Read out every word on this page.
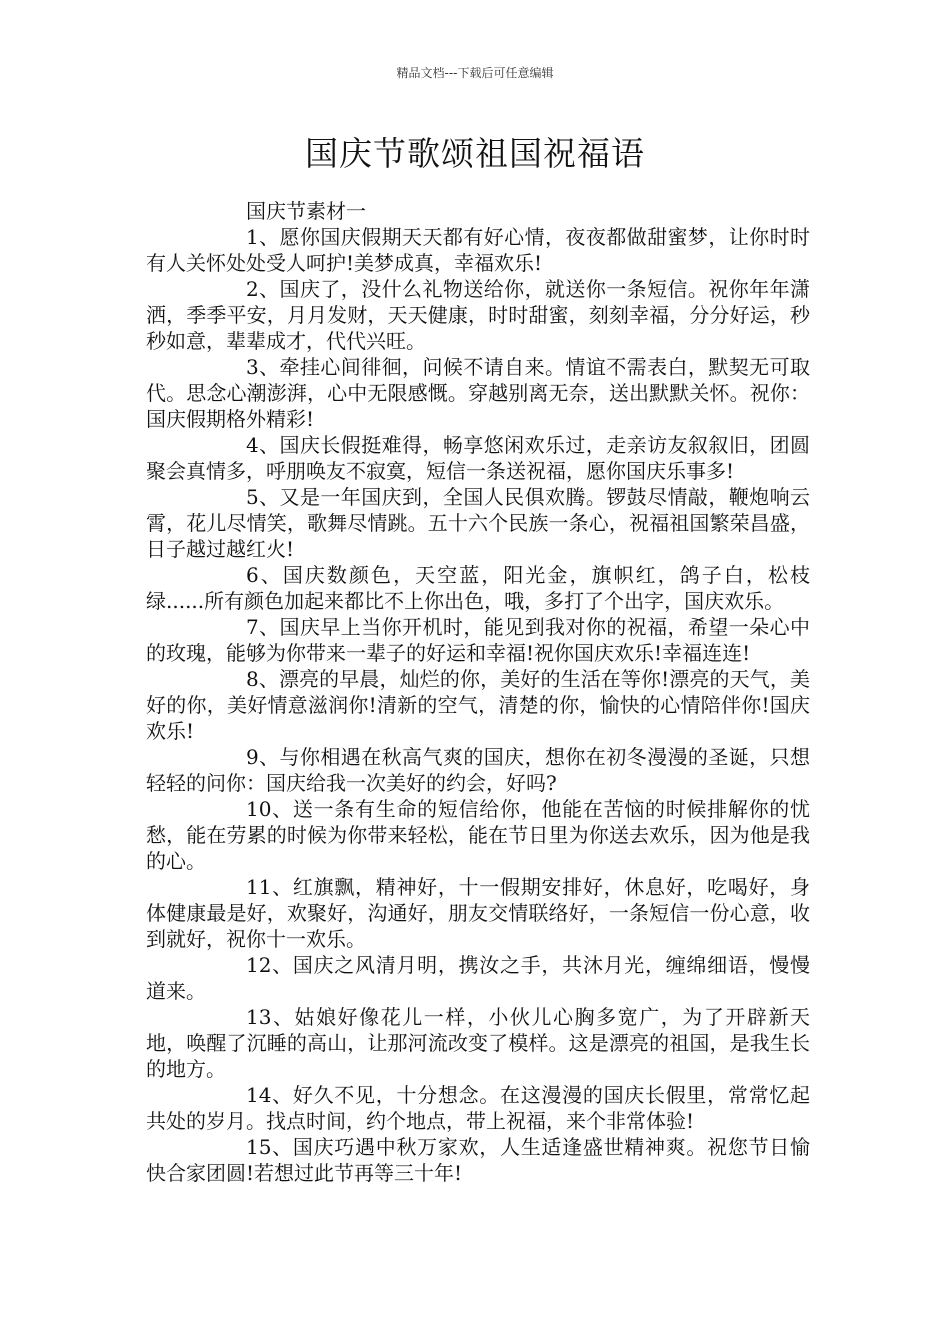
精品文档---下载后可任意编辑
国庆节歌颂祖国祝福语
国庆节素材一

1、愿你国庆假期天天都有好心情，夜夜都做甜蜜梦，让你时时有人关怀处处受人呵护!美梦成真，幸福欢乐!

2、国庆了，没什么礼物送给你，就送你一条短信。祝你年年潇洒，季季平安，月月发财，天天健康，时时甜蜜，刻刻幸福，分分好运，秒秒如意，辈辈成才，代代兴旺。

3、牵挂心间徘徊，问候不请自来。情谊不需表白，默契无可取代。思念心潮澎湃，心中无限感慨。穿越别离无奈，送出默默关怀。祝你：国庆假期格外精彩!

4、国庆长假挺难得，畅享悠闲欢乐过，走亲访友叙叙旧，团圆聚会真情多，呼朋唤友不寂寞，短信一条送祝福，愿你国庆乐事多!

5、又是一年国庆到，全国人民俱欢腾。锣鼓尽情敲，鞭炮响云霄，花儿尽情笑，歌舞尽情跳。五十六个民族一条心，祝福祖国繁荣昌盛，日子越过越红火!

6、国庆数颜色，天空蓝，阳光金，旗帜红，鸽子白，松枝绿......所有颜色加起来都比不上你出色，哦，多打了个出字，国庆欢乐。

7、国庆早上当你开机时，能见到我对你的祝福，希望一朵心中的玫瑰，能够为你带来一辈子的好运和幸福!祝你国庆欢乐!幸福连连!

8、漂亮的早晨，灿烂的你，美好的生活在等你!漂亮的天气，美好的你，美好情意滋润你!清新的空气，清楚的你，愉快的心情陪伴你!国庆欢乐!

9、与你相遇在秋高气爽的国庆，想你在初冬漫漫的圣诞，只想轻轻的问你：国庆给我一次美好的约会，好吗?

10、送一条有生命的短信给你，他能在苦恼的时候排解你的忧愁，能在劳累的时候为你带来轻松，能在节日里为你送去欢乐，因为他是我的心。

11、红旗飘，精神好，十一假期安排好，休息好，吃喝好，身体健康最是好，欢聚好，沟通好，朋友交情联络好，一条短信一份心意，收到就好，祝你十一欢乐。

12、国庆之风清月明，携汝之手，共沐月光，缠绵细语，慢慢道来。

13、姑娘好像花儿一样，小伙儿心胸多宽广，为了开辟新天地，唤醒了沉睡的高山，让那河流改变了模样。这是漂亮的祖国，是我生长的地方。

14、好久不见，十分想念。在这漫漫的国庆长假里，常常忆起共处的岁月。找点时间，约个地点，带上祝福，来个非常体验!

15、国庆巧遇中秋万家欢，人生适逢盛世精神爽。祝您节日愉快合家团圆!若想过此节再等三十年!
